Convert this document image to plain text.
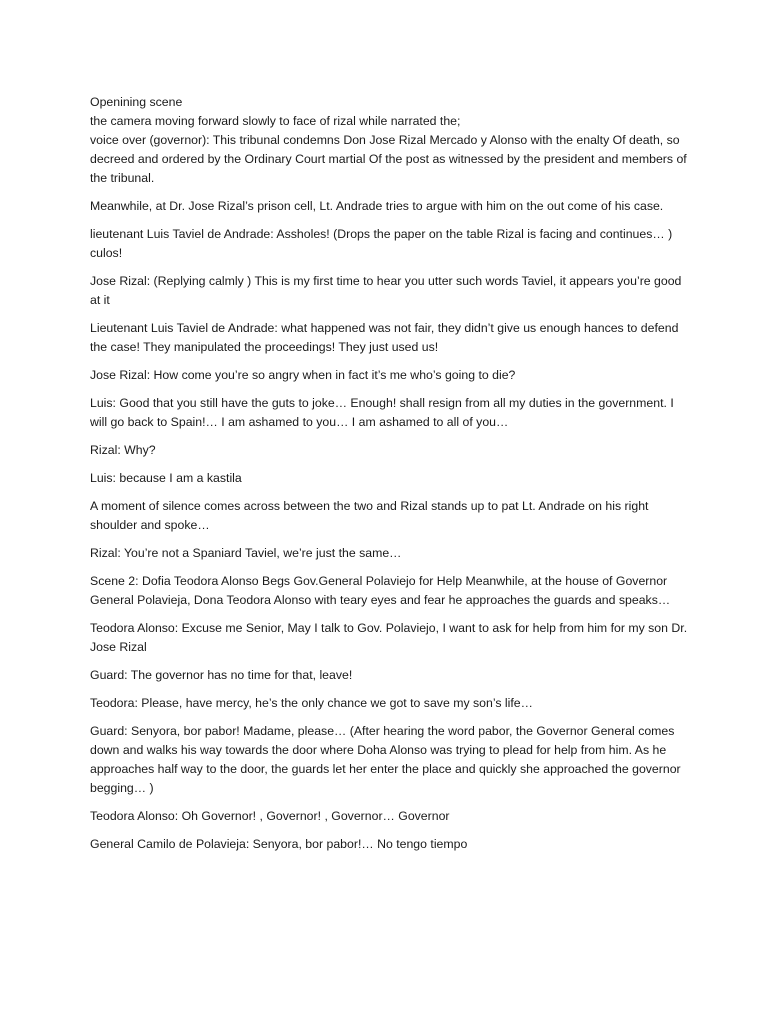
Openining scene
the camera moving forward slowly to face of rizal while narrated the;
voice over (governor): This tribunal condemns Don Jose Rizal Mercado y Alonso with the enalty Of death, so decreed and ordered by the Ordinary Court martial Of the post as witnessed by the president and members of the tribunal.

Meanwhile, at Dr. Jose Rizal’s prison cell, Lt. Andrade tries to argue with him on the out come of his case.

lieutenant Luis Taviel de Andrade: Assholes! (Drops the paper on the table Rizal is facing and continues… ) culos!

Jose Rizal: (Replying calmly ) This is my first time to hear you utter such words Taviel, it appears you’re good at it

Lieutenant Luis Taviel de Andrade: what happened was not fair, they didn’t give us enough hances to defend the case! They manipulated the proceedings! They just used us!

Jose Rizal: How come you’re so angry when in fact it’s me who’s going to die?

Luis: Good that you still have the guts to joke… Enough! shall resign from all my duties in the government. I will go back to Spain!… I am ashamed to you… I am ashamed to all of you…

Rizal: Why?

Luis: because I am a kastila

A moment of silence comes across between the two and Rizal stands up to pat Lt. Andrade on his right shoulder and spoke…

Rizal: You’re not a Spaniard Taviel, we’re just the same…

Scene 2: Dofia Teodora Alonso Begs Gov.General Polaviejo for Help Meanwhile, at the house of Governor General Polavieja, Dona Teodora Alonso with teary eyes and fear he approaches the guards and speaks…

Teodora Alonso: Excuse me Senior, May I talk to Gov. Polaviejo, I want to ask for help from him for my son Dr. Jose Rizal

Guard: The governor has no time for that, leave!

Teodora: Please, have mercy, he’s the only chance we got to save my son’s life…

Guard: Senyora, bor pabor! Madame, please… (After hearing the word pabor, the Governor General comes down and walks his way towards the door where Doha Alonso was trying to plead for help from him. As he approaches half way to the door, the guards let her enter the place and quickly she approached the governor begging… )

Teodora Alonso: Oh Governor! , Governor! , Governor… Governor

General Camilo de Polavieja: Senyora, bor pabor!… No tengo tiempo
